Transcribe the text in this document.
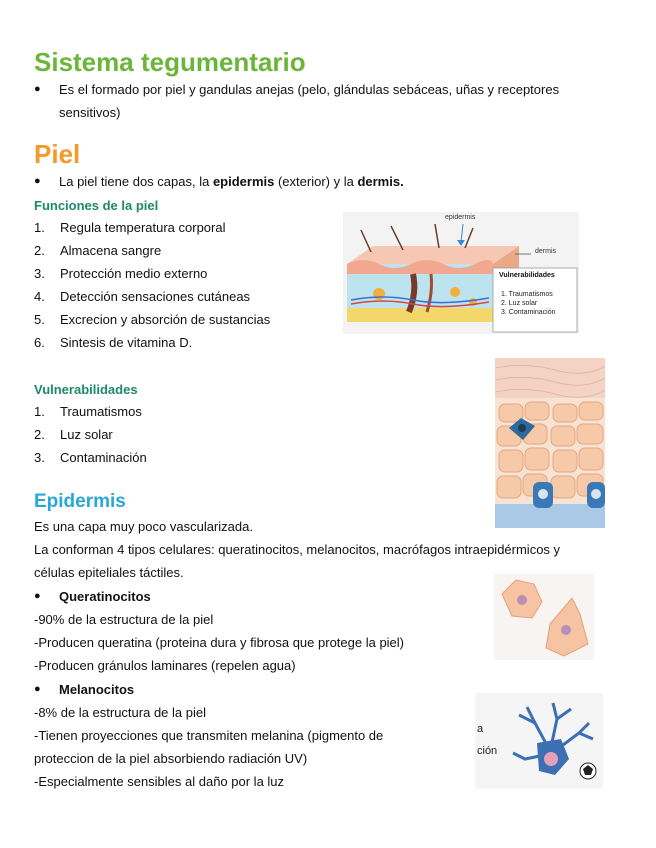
Sistema tegumentario
●	Es el formado por piel y gandulas anejas (pelo, glándulas sebáceas, uñas y receptores sensitivos)
Piel
●	La piel tiene dos capas, la epidermis (exterior) y la dermis.
Funciones de la piel
1. Regula temperatura corporal
2. Almacena sangre
3. Protección medio externo
4. Detección sensaciones cutáneas
5. Excrecion y absorción de sustancias
6. Sintesis de vitamina D.
Vulnerabilidades
1. Traumatismos
2. Luz solar
3. Contaminación
epidermis
dermis
Vulnerabilidades
1. Traumatismos
2. Luz solar
3. Contaminación
Epidermis
Es una capa muy poco vascularizada.
La conforman 4 tipos celulares: queratinocitos, melanocitos, macrófagos intraepidérmicos y
células epiteliales táctiles.
● Queratinocitos
-90% de la estructura de la piel
-Producen queratina (proteina dura y fibrosa que protege la piel)
-Producen gránulos laminares (repelen agua)
● Melanocitos
-8% de la estructura de la piel
-Tienen proyecciones que transmiten melanina (pigmento de
proteccion de la piel absorbiendo radiación UV)
-Especialmente sensibles al daño por la luz
a
ción
